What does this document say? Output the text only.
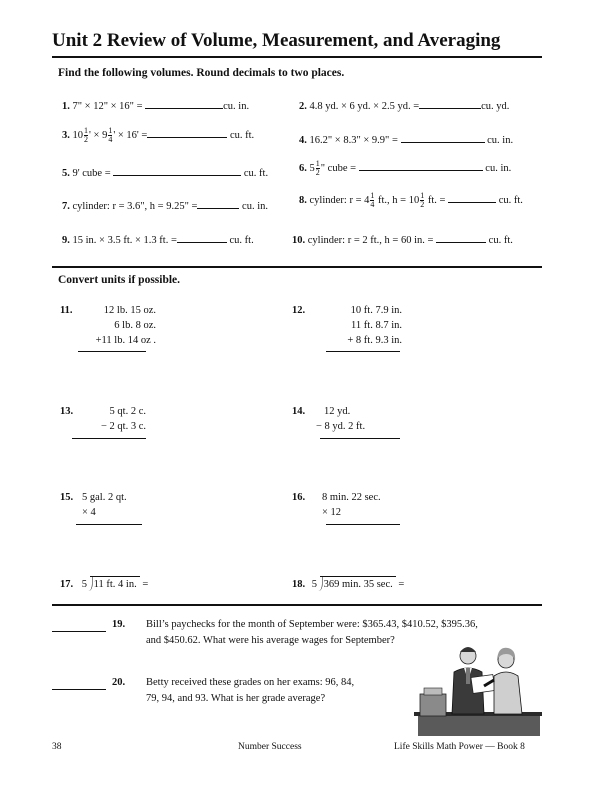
Unit 2 Review of Volume, Measurement, and Averaging
Find the following volumes. Round decimals to two places.
1. 7" × 12" × 16" =	cu. in.	2. 4.8 yd. × 6 yd. × 2.5 yd. =	cu. yd.
3. $10 \frac{1}{2}$ ' × $9 \frac{1}{4}$ ' × 16' =	cu. ft.	4. 16.2" × 8.3" × 9.9" =	cu. in.
5. 9' cube =	cu. ft.	6. $5 \frac{1}{2}$ " cube =	cu. in.
7. cylinder: r = 3.6", h = 9.25" =	cu. in.
8. cylinder: $r = 4 \frac{1}{4}$ ft., $h = 10 \frac{1}{2}$ ft. =	cu. ft.
9. 15 in. × 3.5 ft. × 1.3 ft. =	cu. ft.	10. cylinder: r = 2 ft., h = 60 in. =	cu. ft.
Convert units if possible.
11.	12 lb. 15 oz.
6 lb. 8 oz.
+11 lb. 14 oz .
12.	10 ft. 7.9 in.
11 ft. 8.7 in.
+ 8 ft. 9.3 in.
13.	5 qt. 2 c.
− 2 qt. 3 c.
14.	12 yd.
− 8 yd. 2 ft.
15. 5 gal. 2 qt.
× 4
16. 8 min. 22 sec.
× 12
17. 5 11 ft. 4 in. =	18. 5 369 min. 35 sec. =
19. Bill’s paychecks for the month of September were: $365.43, $410.52, $395.36,
and $450.62. What were his average wages for September?
20. Betty received these grades on her exams: 96, 84,
79, 94, and 93. What is her grade average?
38	Number Success	Life Skills Math Power — Book 8
